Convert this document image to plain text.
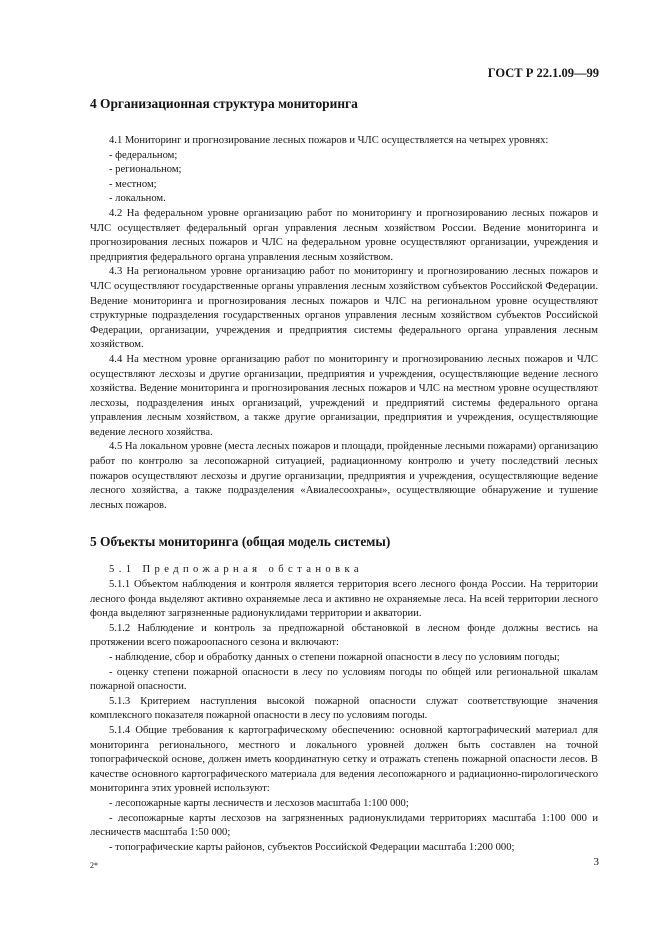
ГОСТ Р 22.1.09—99
4 Организационная структура мониторинга

4.1 Мониторинг и прогнозирование лесных пожаров и ЧЛС осуществляется на четырех уровнях:

- федеральном;

- региональном;

- местном;

- локальном.

4.2 На федеральном уровне организацию работ по мониторингу и прогнозированию лесных пожаров и ЧЛС осуществляет федеральный орган управления лесным хозяйством России. Ведение мониторинга и прогнозирования лесных пожаров и ЧЛС на федеральном уровне осуществляют организации, учреждения и предприятия федерального органа управления лесным хозяйством.

4.3 На региональном уровне организацию работ по мониторингу и прогнозированию лесных пожаров и ЧЛС осуществляют государственные органы управления лесным хозяйством субъектов Российской Федерации. Ведение мониторинга и прогнозирования лесных пожаров и ЧЛС на региональном уровне осуществляют структурные подразделения государственных органов управления лесным хозяйством субъектов Российской Федерации, организации, учреждения и предприятия системы федерального органа управления лесным хозяйством.

4.4 На местном уровне организацию работ по мониторингу и прогнозированию лесных пожаров и ЧЛС осуществляют лесхозы и другие организации, предприятия и учреждения, осуществляющие ведение лесного хозяйства. Ведение мониторинга и прогнозирования лесных пожаров и ЧЛС на местном уровне осуществляют лесхозы, подразделения иных организаций, учреждений и предприятий системы федерального органа управления лесным хозяйством, а также другие организации, предприятия и учреждения, осуществляющие ведение лесного хозяйства.

4.5 На локальном уровне (места лесных пожаров и площади, пройденные лесными пожарами) организацию работ по контролю за лесопожарной ситуацией, радиационному контролю и учету последствий лесных пожаров осуществляют лесхозы и другие организации, предприятия и учреждения, осуществляющие ведение лесного хозяйства, а также подразделения «Авиалесоохраны», осуществляющие обнаружение и тушение лесных пожаров.

5 Объекты мониторинга (общая модель системы)

5.1 Предпожарная обстановка

5.1.1 Объектом наблюдения и контроля является территория всего лесного фонда России. На территории лесного фонда выделяют активно охраняемые леса и активно не охраняемые леса. На всей территории лесного фонда выделяют загрязненные радионуклидами территории и акватории.

5.1.2 Наблюдение и контроль за предпожарной обстановкой в лесном фонде должны вестись на протяжении всего пожароопасного сезона и включают:

- наблюдение, сбор и обработку данных о степени пожарной опасности в лесу по условиям погоды;

- оценку степени пожарной опасности в лесу по условиям погоды по общей или региональной шкалам пожарной опасности.

5.1.3 Критерием наступления высокой пожарной опасности служат соответствующие значения комплексного показателя пожарной опасности в лесу по условиям погоды.

5.1.4 Общие требования к картографическому обеспечению: основной картографический материал для мониторинга регионального, местного и локального уровней должен быть составлен на точной топографической основе, должен иметь координатную сетку и отражать степень пожарной опасности лесов. В качестве основного картографического материала для ведения лесопожарного и радиационно-пирологического мониторинга этих уровней используют:

- лесопожарные карты лесничеств и лесхозов масштаба 1:100 000;

- лесопожарные карты лесхозов на загрязненных радионуклидами территориях масштаба 1:100 000 и лесничеств масштаба 1:50 000;

- топографические карты районов, субъектов Российской Федерации масштаба 1:200 000;

2*	3
